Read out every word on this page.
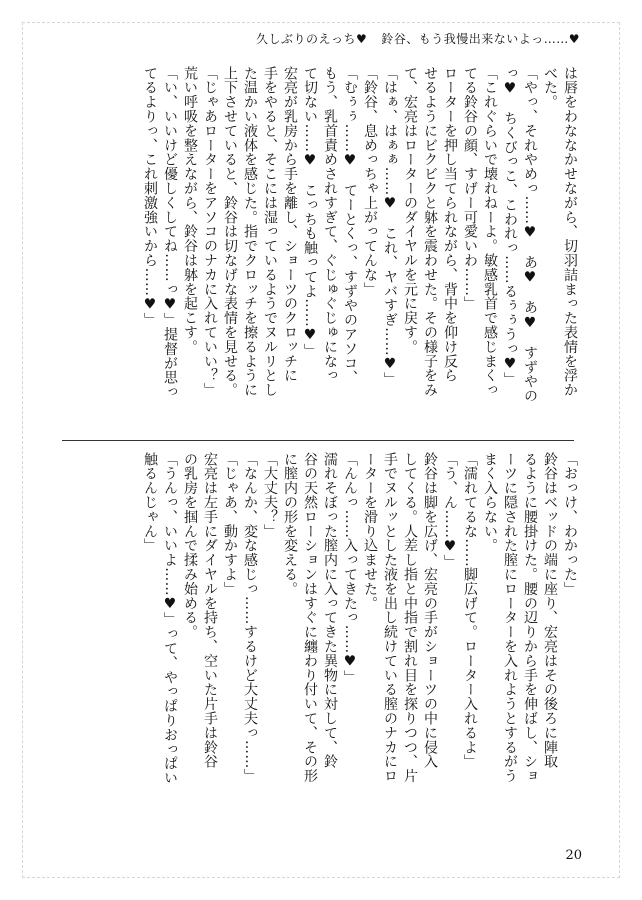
久しぶりのえっち♥ 鈴谷、もう我慢出来ないよっ……♥

は唇をわななかせながら、切羽詰まった表情を浮か

べた。

「やっ、それやめっ……♥　あ♥　あ♥　すずやの

っ♥　ちくびっこ、こわれっ……るぅぅうっ♥」

「これぐらいで壊れねーよ。敏感乳首で感じまくっ

てる鈴谷の顔、すげー可愛いわ……」

ローターを押し当てられながら、背中を仰け反ら

せるようにビクビクと躰を震わせた。その様子をみ

て、宏亮はローターのダイヤルを元に戻す。

「はぁ、はぁぁ……♥　これ、ヤバすぎ……♥」

「鈴谷、息めっちゃ上がってんな」

「むぅぅ……♥　てーとくっ、すずやのアソコ、

もう、乳首責めされすぎて、ぐじゅぐじゅになっ

て切ない……♥　こっちも触ってよ……♥」

宏亮が乳房から手を離し、ショーツのクロッチに

手をやると、そこには湿っているようでヌルリとし

た温かい液体を感じた。指でクロッチを擦るように

上下させていると、鈴谷は切なげな表情を見せる。

「じゃあローターをアソコのナカに入れていい？」

荒い呼吸を整えながら、鈴谷は躰を起こす。

「い、いいけど優しくしてね……っ♥」提督が思っ

てるよりっ、これ刺激強いから……♥」

「おっけ、わかった」

鈴谷はベッドの端に座り、宏亮はその後ろに陣取

るように腰掛けた。腰の辺りから手を伸ばし、ショ

ーツに隠された膣にローターを入れようとするがう

まく入らない。

「濡れてるな……脚広げて。ローター入れるよ」

「う、ん……♥」

鈴谷は脚を広げ、宏亮の手がショーツの中に侵入

してくる。人差し指と中指で割れ目を探りつつ、片

手でヌルッとした液を出し続けている膣のナカにロ

ーターを滑り込ませた。

「んんっ……入ってきたっ……♥」

濡れそぼった膣内に入ってきた異物に対して、鈴

谷の天然ローションはすぐに纏わり付いて、その形

に膣内の形を変える。

「大丈夫？」

「なんか、変な感じっ……するけど大丈夫っ……」

「じゃあ、動かすよ」

宏亮は左手にダイヤルを持ち、空いた片手は鈴谷

の乳房を掴んで揉み始める。

「うんっ、いいよ……♥」って、やっぱりおっぱい

触るんじゃん」

20
